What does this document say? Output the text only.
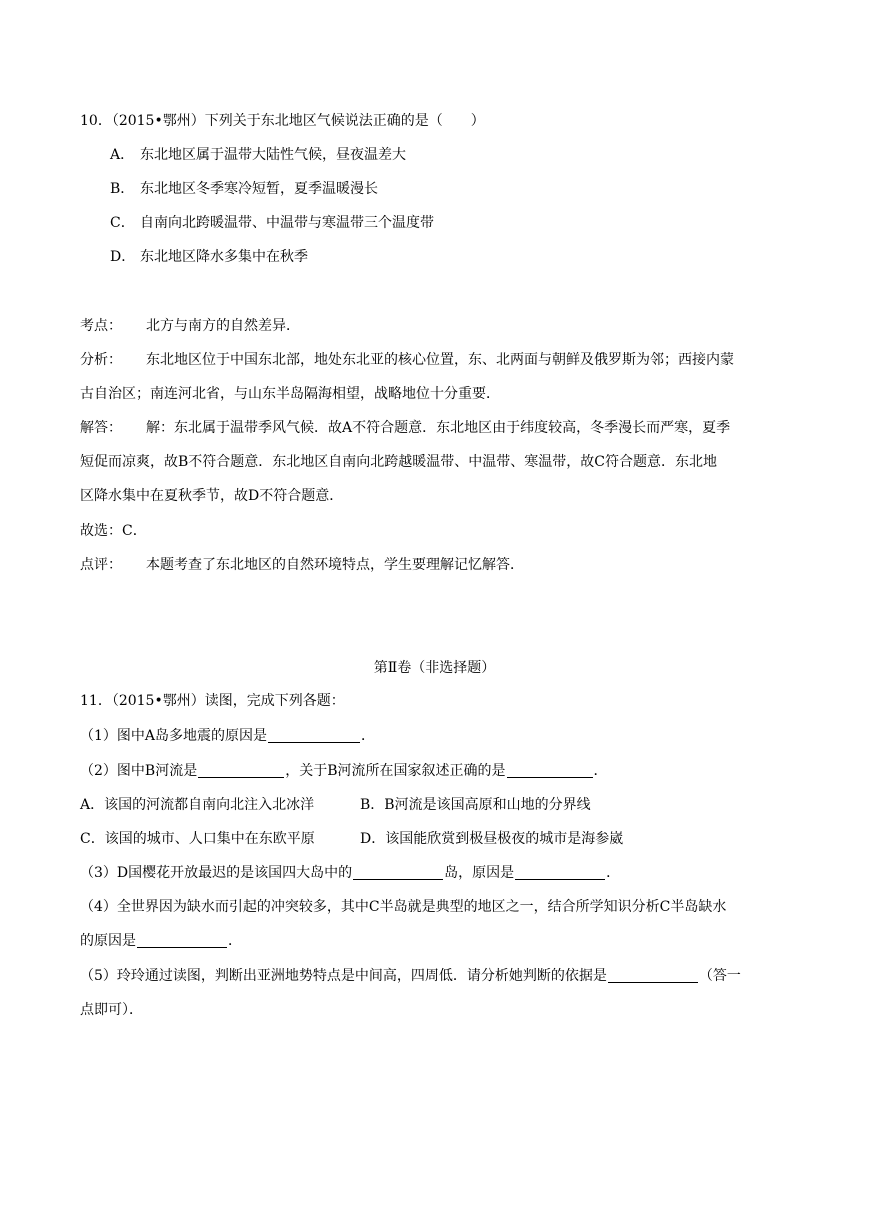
10．（2015•鄂州）下列关于东北地区气候说法正确的是（　　）
A． 东北地区属于温带大陆性气候，昼夜温差大
B． 东北地区冬季寒冷短暂，夏季温暖漫长
C． 自南向北跨暖温带、中温带与寒温带三个温度带
D． 东北地区降水多集中在秋季
考点： 北方与南方的自然差异．
分析： 东北地区位于中国东北部，地处东北亚的核心位置，东、北两面与朝鲜及俄罗斯为邻；西接内蒙
古自治区；南连河北省，与山东半岛隔海相望，战略地位十分重要．
解答： 解：东北属于温带季风气候．故A不符合题意．东北地区由于纬度较高，冬季漫长而严寒，夏季
短促而凉爽，故B不符合题意．东北地区自南向北跨越暖温带、中温带、寒温带，故C符合题意．东北地
区降水集中在夏秋季节，故D不符合题意．
故选：C．
点评： 本题考查了东北地区的自然环境特点，学生要理解记忆解答．
第Ⅱ卷（非选择题）
11．（2015•鄂州）读图，完成下列各题：
（1）图中A岛多地震的原因是	．
（2）图中B河流是	，关于B河流所在国家叙述正确的是	．
A．该国的河流都自南向北注入北冰洋	B．B河流是该国高原和山地的分界线
C．该国的城市、人口集中在东欧平原	D．该国能欣赏到极昼极夜的城市是海参崴
（3）D国樱花开放最迟的是该国四大岛中的	岛，原因是	．
（4）全世界因为缺水而引起的冲突较多，其中C半岛就是典型的地区之一，结合所学知识分析C半岛缺水
的原因是	．
（5）玲玲通过读图，判断出亚洲地势特点是中间高，四周低．请分析她判断的依据是	（答一
点即可）．
